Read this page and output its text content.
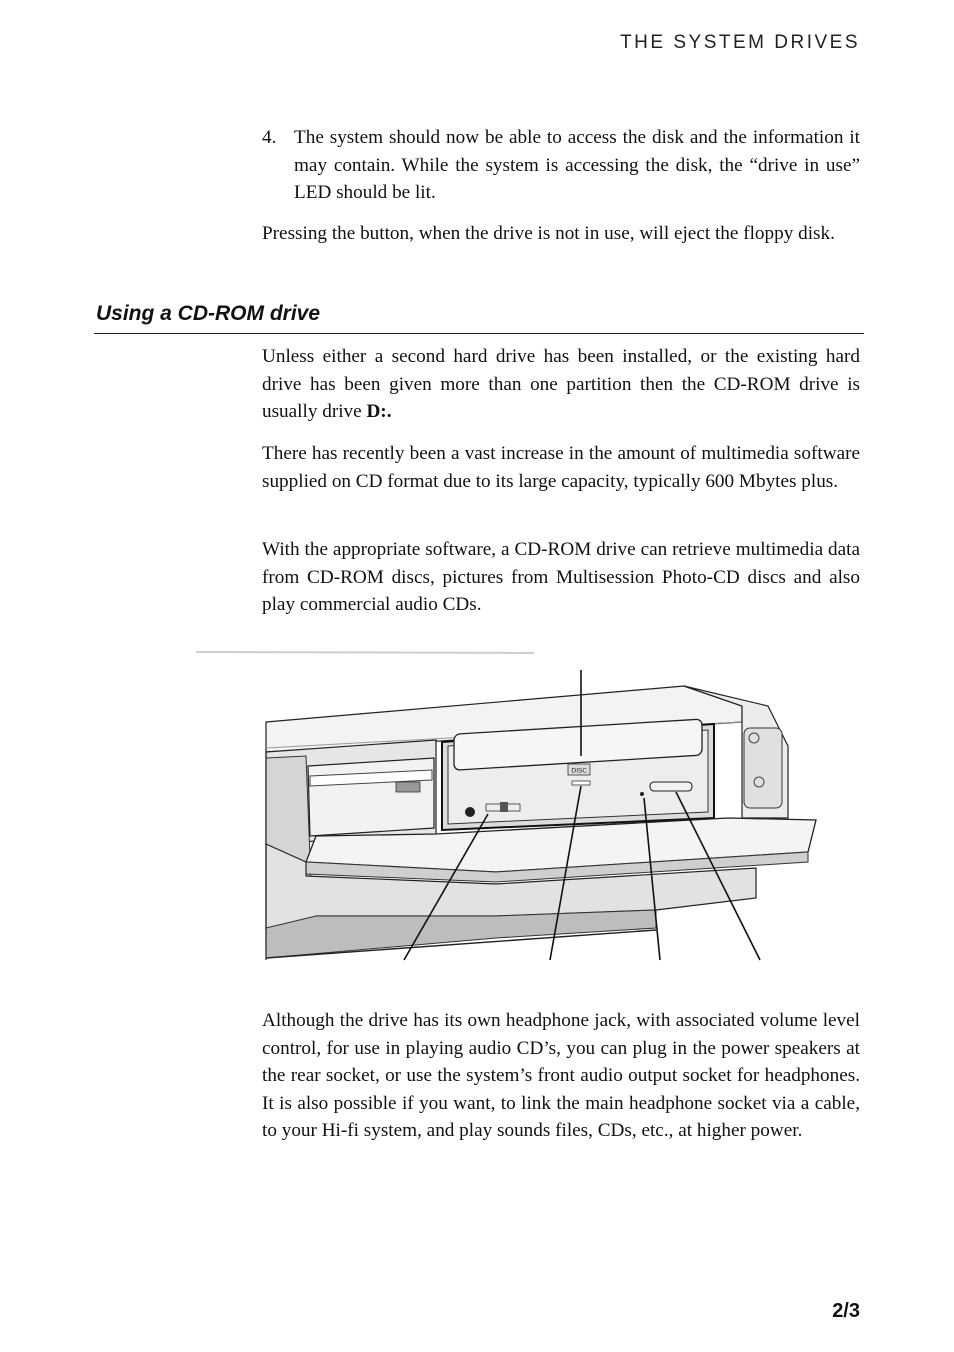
THE SYSTEM DRIVES
4. The system should now be able to access the disk and the information it may contain. While the system is accessing the disk, the “drive in use” LED should be lit.

Pressing the button, when the drive is not in use, will eject the floppy disk.

Using a CD-ROM drive

Unless either a second hard drive has been installed, or the existing hard drive has been given more than one partition then the CD-ROM drive is usually drive D:.

There has recently been a vast increase in the amount of multimedia software supplied on CD format due to its large capacity, typically 600 Mbytes plus.

With the appropriate software, a CD-ROM drive can retrieve multimedia data from CD-ROM discs, pictures from Multisession Photo-CD discs and also play commercial audio CDs.

DISC

Although the drive has its own headphone jack, with associated volume level control, for use in playing audio CD’s, you can plug in the power speakers at the rear socket, or use the system’s front audio output socket for headphones. It is also possible if you want, to link the main headphone socket via a cable, to your Hi-fi system, and play sounds files, CDs, etc., at higher power.

2/3
